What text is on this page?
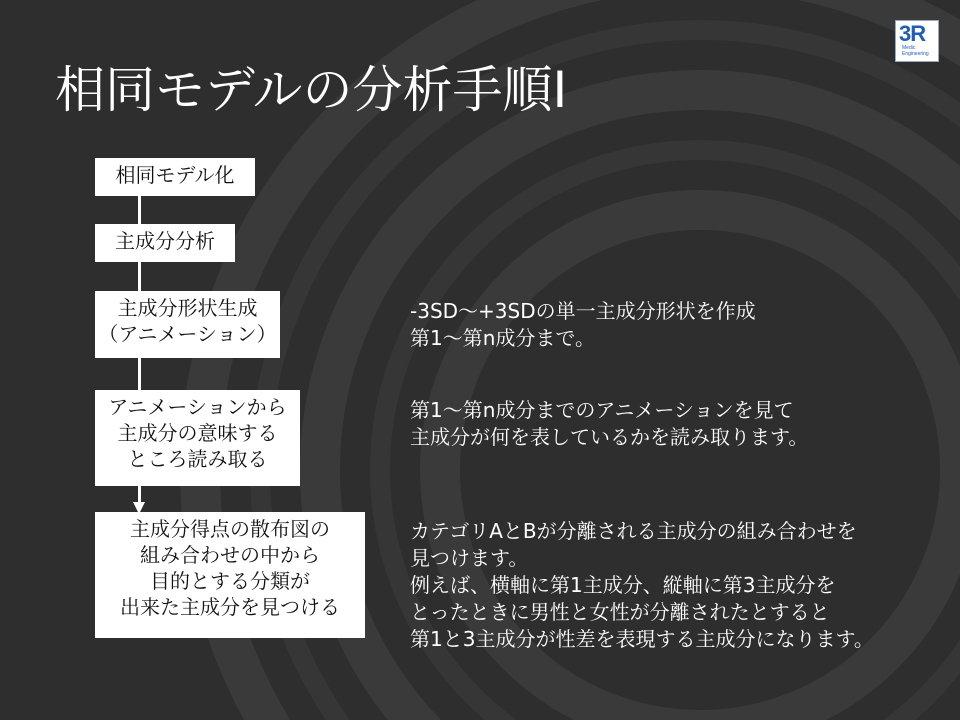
3R
Medic
Engineering
相同モデルの分析手順Ⅰ
相同モデル化
主成分分析
主成分形状生成
（アニメーション）
アニメーションから
主成分の意味する
ところ読み取る
主成分得点の散布図の
組み合わせの中から
目的とする分類が
出来た主成分を見つける
-3SD〜+3SDの単一主成分形状を作成
第1〜第n成分まで。
第1〜第n成分までのアニメーションを見て
主成分が何を表しているかを読み取ります。
カテゴリAとBが分離される主成分の組み合わせを
見つけます。
例えば、横軸に第1主成分、縦軸に第3主成分を
とったときに男性と女性が分離されたとすると
第1と3主成分が性差を表現する主成分になります。
